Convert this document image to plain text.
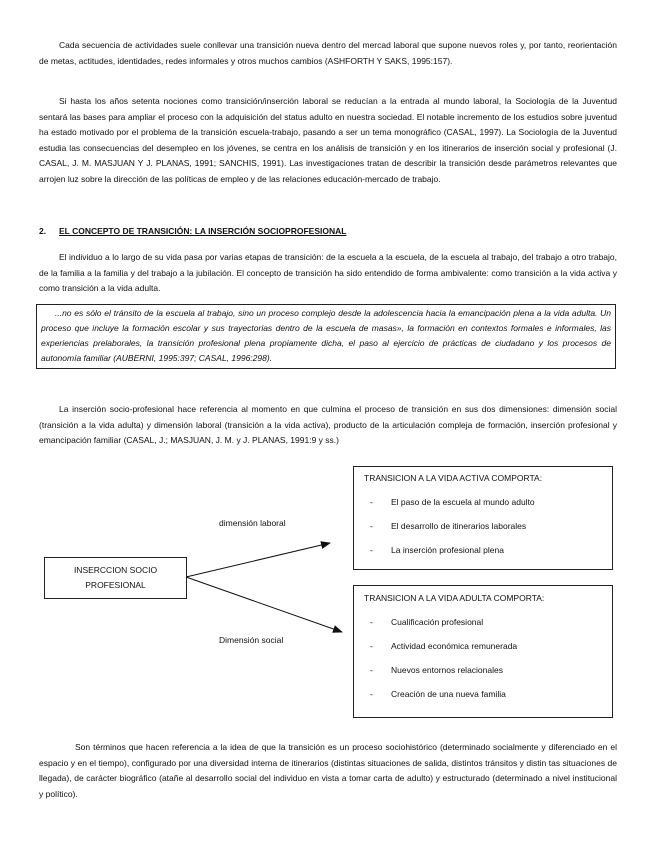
Cada secuencia de actividades suele conllevar una transición nueva dentro del mercad laboral que supone nuevos roles y, por tanto, reorientación de metas, actitudes, identidades, redes informales y otros muchos cambios (ASHFORTH Y SAKS, 1995:157).

Si hasta los años setenta nociones como transición/inserción laboral se reducían a la entrada al mundo laboral, la Sociología de la Juventud sentará las bases para ampliar el proceso con la adquisición del status adulto en nuestra sociedad. El notable incremento de los estudios sobre juventud ha estado motivado por el problema de la transición escuela-trabajo, pasando a ser un tema monográfico (CASAL, 1997). La Sociología de la Juventud estudia las consecuencias del desempleo en los jóvenes, se centra en los análisis de transición y en los itinerarios de inserción social y profesional (J. CASAL, J. M. MASJUAN Y J. PLANAS, 1991; SANCHIS, 1991). Las investigaciones tratan de describir la transición desde parámetros relevantes que arrojen luz sobre la dirección de las políticas de empleo y de las relaciones educación-mercado de trabajo.

2. EL CONCEPTO DE TRANSICIÓN: LA INSERCIÓN SOCIOPROFESIONAL

El individuo a lo largo de su vida pasa por varias etapas de transición: de la escuela a la escuela, de la escuela al trabajo, del trabajo a otro trabajo, de la familia a la familia y del trabajo a la jubilación. El concepto de transición ha sido entendido de forma ambivalente: como transición a la vida activa y como transición a la vida adulta.

...no es sólo el tránsito de la escuela al trabajo, sino un proceso complejo desde la adolescencia hacia la emancipación plena a la vida adulta. Un proceso que incluye la formación escolar y sus trayectorias dentro de la escuela de masas», la formación en contextos formales e informales, las experiencias prelaborales, la transición profesional plena propiamente dicha, el paso al ejercicio de prácticas de ciudadano y los procesos de autonomía familiar (AUBERNI, 1995:397; CASAL, 1996:298).

La inserción socio-profesional hace referencia al momento en que culmina el proceso de transición en sus dos dimensiones: dimensión social (transición a la vida adulta) y dimensión laboral (transición a la vida activa), producto de la articulación compleja de formación, inserción profesional y emancipación familiar (CASAL, J.; MASJUAN, J. M. y J. PLANAS, 1991:9 y ss.)

TRANSICION A LA VIDA ACTIVA COMPORTA:

- El paso de la escuela al mundo adulto
- El desarrollo de itinerarios laborales
- La inserción profesional plena

TRANSICION A LA VIDA ADULTA COMPORTA:

- Cualificación profesional
- Actividad económica remunerada
- Nuevos entornos relacionales
- Creación de una nueva familia
INSERCCION SOCIO PROFESIONAL
dimensión laboral
Dimensión social

Son términos que hacen referencia a la idea de que la transición es un proceso sociohistórico (determinado socialmente y diferenciado en el espacio y en el tiempo), configurado por una diversidad interna de itinerarios (distintas situaciones de salida, distintos tránsitos y distin tas situaciones de llegada), de carácter biográfico (atañe al desarrollo social del individuo en vista a tomar carta de adulto) y estructurado (determinado a nivel institucional y político).
